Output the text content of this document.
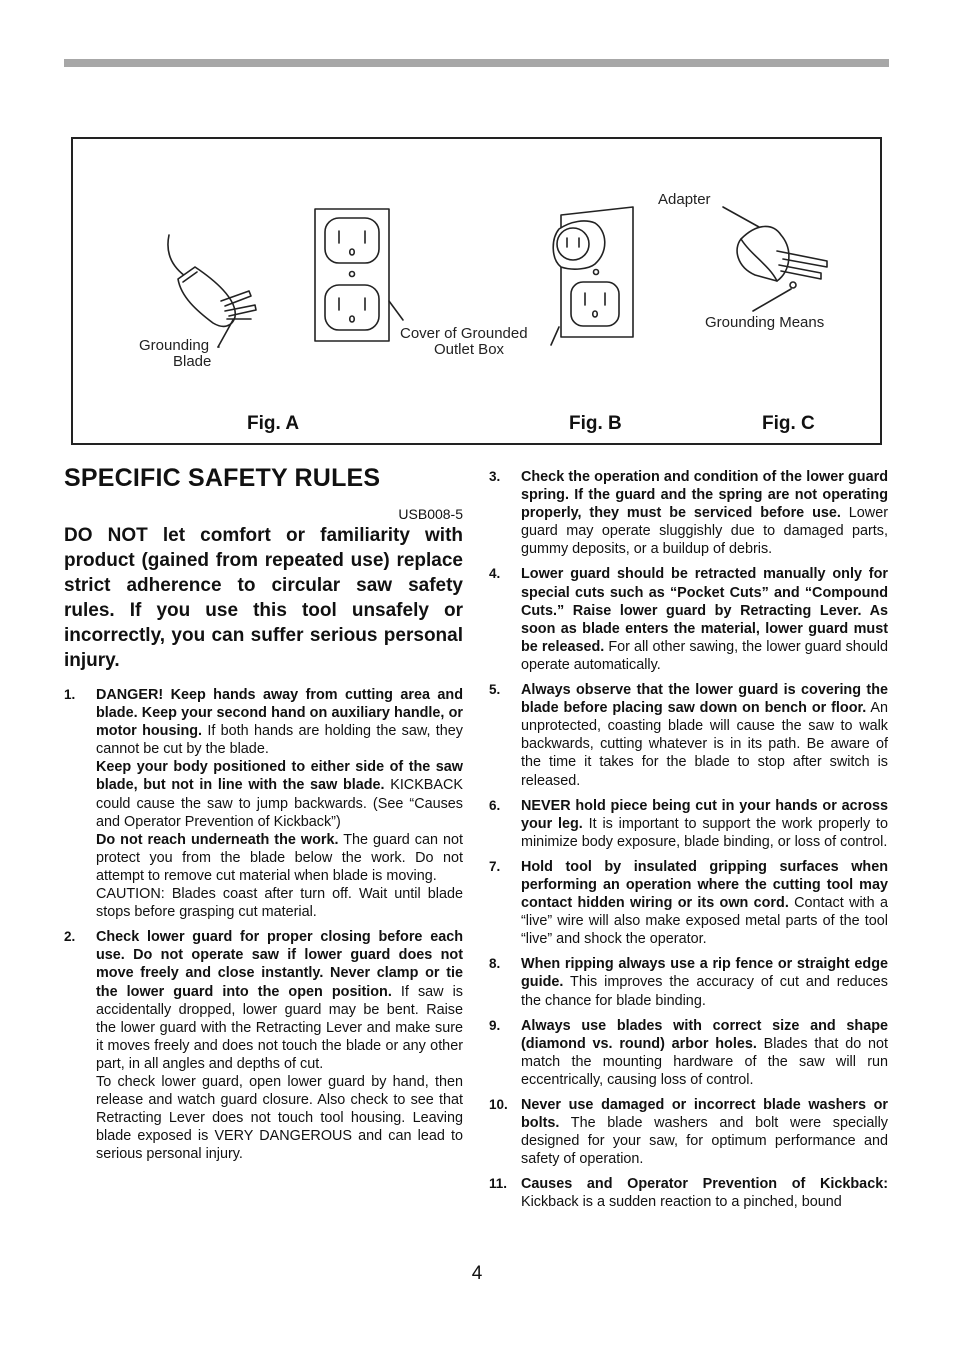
Grounding
Blade
Cover of Grounded
Outlet Box
Adapter
Grounding Means
Fig. A	Fig. B	Fig. C
SPECIFIC SAFETY RULES
USB008-5

DO NOT let comfort or familiarity with product (gained from repeated use) replace strict adherence to circular saw safety rules. If you use this tool unsafely or incorrectly, you can suffer serious personal injury.

1. DANGER! Keep hands away from cutting area and blade. Keep your second hand on auxiliary handle, or motor housing. If both hands are holding the saw, they cannot be cut by the blade.

Keep your body positioned to either side of the saw blade, but not in line with the saw blade. KICKBACK could cause the saw to jump backwards. (See “Causes and Operator Prevention of Kickback”)

Do not reach underneath the work. The guard can not protect you from the blade below the work. Do not attempt to remove cut material when blade is moving.

CAUTION: Blades coast after turn off. Wait until blade stops before grasping cut material.

2. Check lower guard for proper closing before each use. Do not operate saw if lower guard does not move freely and close instantly. Never clamp or tie the lower guard into the open position. If saw is accidentally dropped, lower guard may be bent. Raise the lower guard with the Retracting Lever and make sure it moves freely and does not touch the blade or any other part, in all angles and depths of cut.

To check lower guard, open lower guard by hand, then release and watch guard closure. Also check to see that Retracting Lever does not touch tool housing. Leaving blade exposed is VERY DANGEROUS and can lead to serious personal injury.

3. Check the operation and condition of the lower guard spring. If the guard and the spring are not operating properly, they must be serviced before use. Lower guard may operate sluggishly due to damaged parts, gummy deposits, or a buildup of debris.

4. Lower guard should be retracted manually only for special cuts such as “Pocket Cuts” and “Compound Cuts.” Raise lower guard by Retracting Lever. As soon as blade enters the material, lower guard must be released. For all other sawing, the lower guard should operate automatically.

5. Always observe that the lower guard is covering the blade before placing saw down on bench or floor. An unprotected, coasting blade will cause the saw to walk backwards, cutting whatever is in its path. Be aware of the time it takes for the blade to stop after switch is released.

6. NEVER hold piece being cut in your hands or across your leg. It is important to support the work properly to minimize body exposure, blade binding, or loss of control.

7. Hold tool by insulated gripping surfaces when performing an operation where the cutting tool may contact hidden wiring or its own cord. Contact with a “live” wire will also make exposed metal parts of the tool “live” and shock the operator.

8. When ripping always use a rip fence or straight edge guide. This improves the accuracy of cut and reduces the chance for blade binding.

9. Always use blades with correct size and shape (diamond vs. round) arbor holes. Blades that do not match the mounting hardware of the saw will run eccentrically, causing loss of control.

10. Never use damaged or incorrect blade washers or bolts. The blade washers and bolt were specially designed for your saw, for optimum performance and safety of operation.

11. Causes and Operator Prevention of Kickback: Kickback is a sudden reaction to a pinched, bound

4
